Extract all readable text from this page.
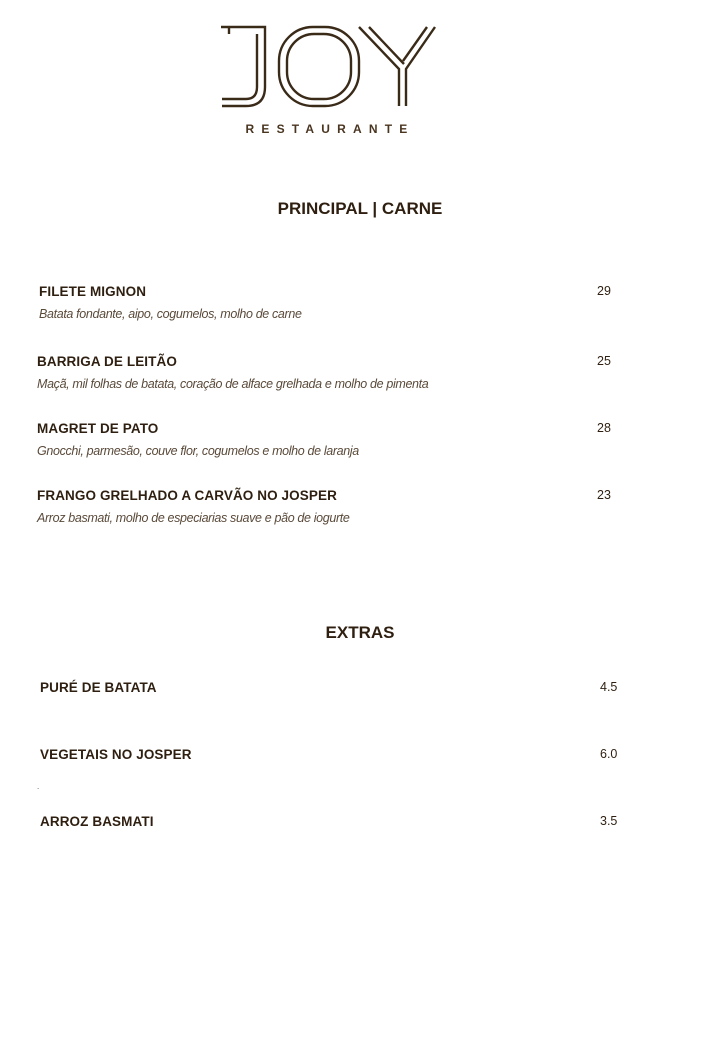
RESTAURANTE
PRINCIPAL | CARNE
FILETE MIGNON
Batata fondante, aipo, cogumelos, molho de carne
29
BARRIGA DE LEITÃO
Maçã, mil folhas de batata, coração de alface grelhada e molho de pimenta
25
MAGRET DE PATO
Gnocchi, parmesão, couve flor, cogumelos e molho de laranja
28
FRANGO GRELHADO A CARVÃO NO JOSPER
Arroz basmati, molho de especiarias suave e pão de iogurte
23
EXTRAS
PURÉ DE BATATA	4.5
VEGETAIS NO JOSPER	6.0
.
ARROZ BASMATI	3.5
